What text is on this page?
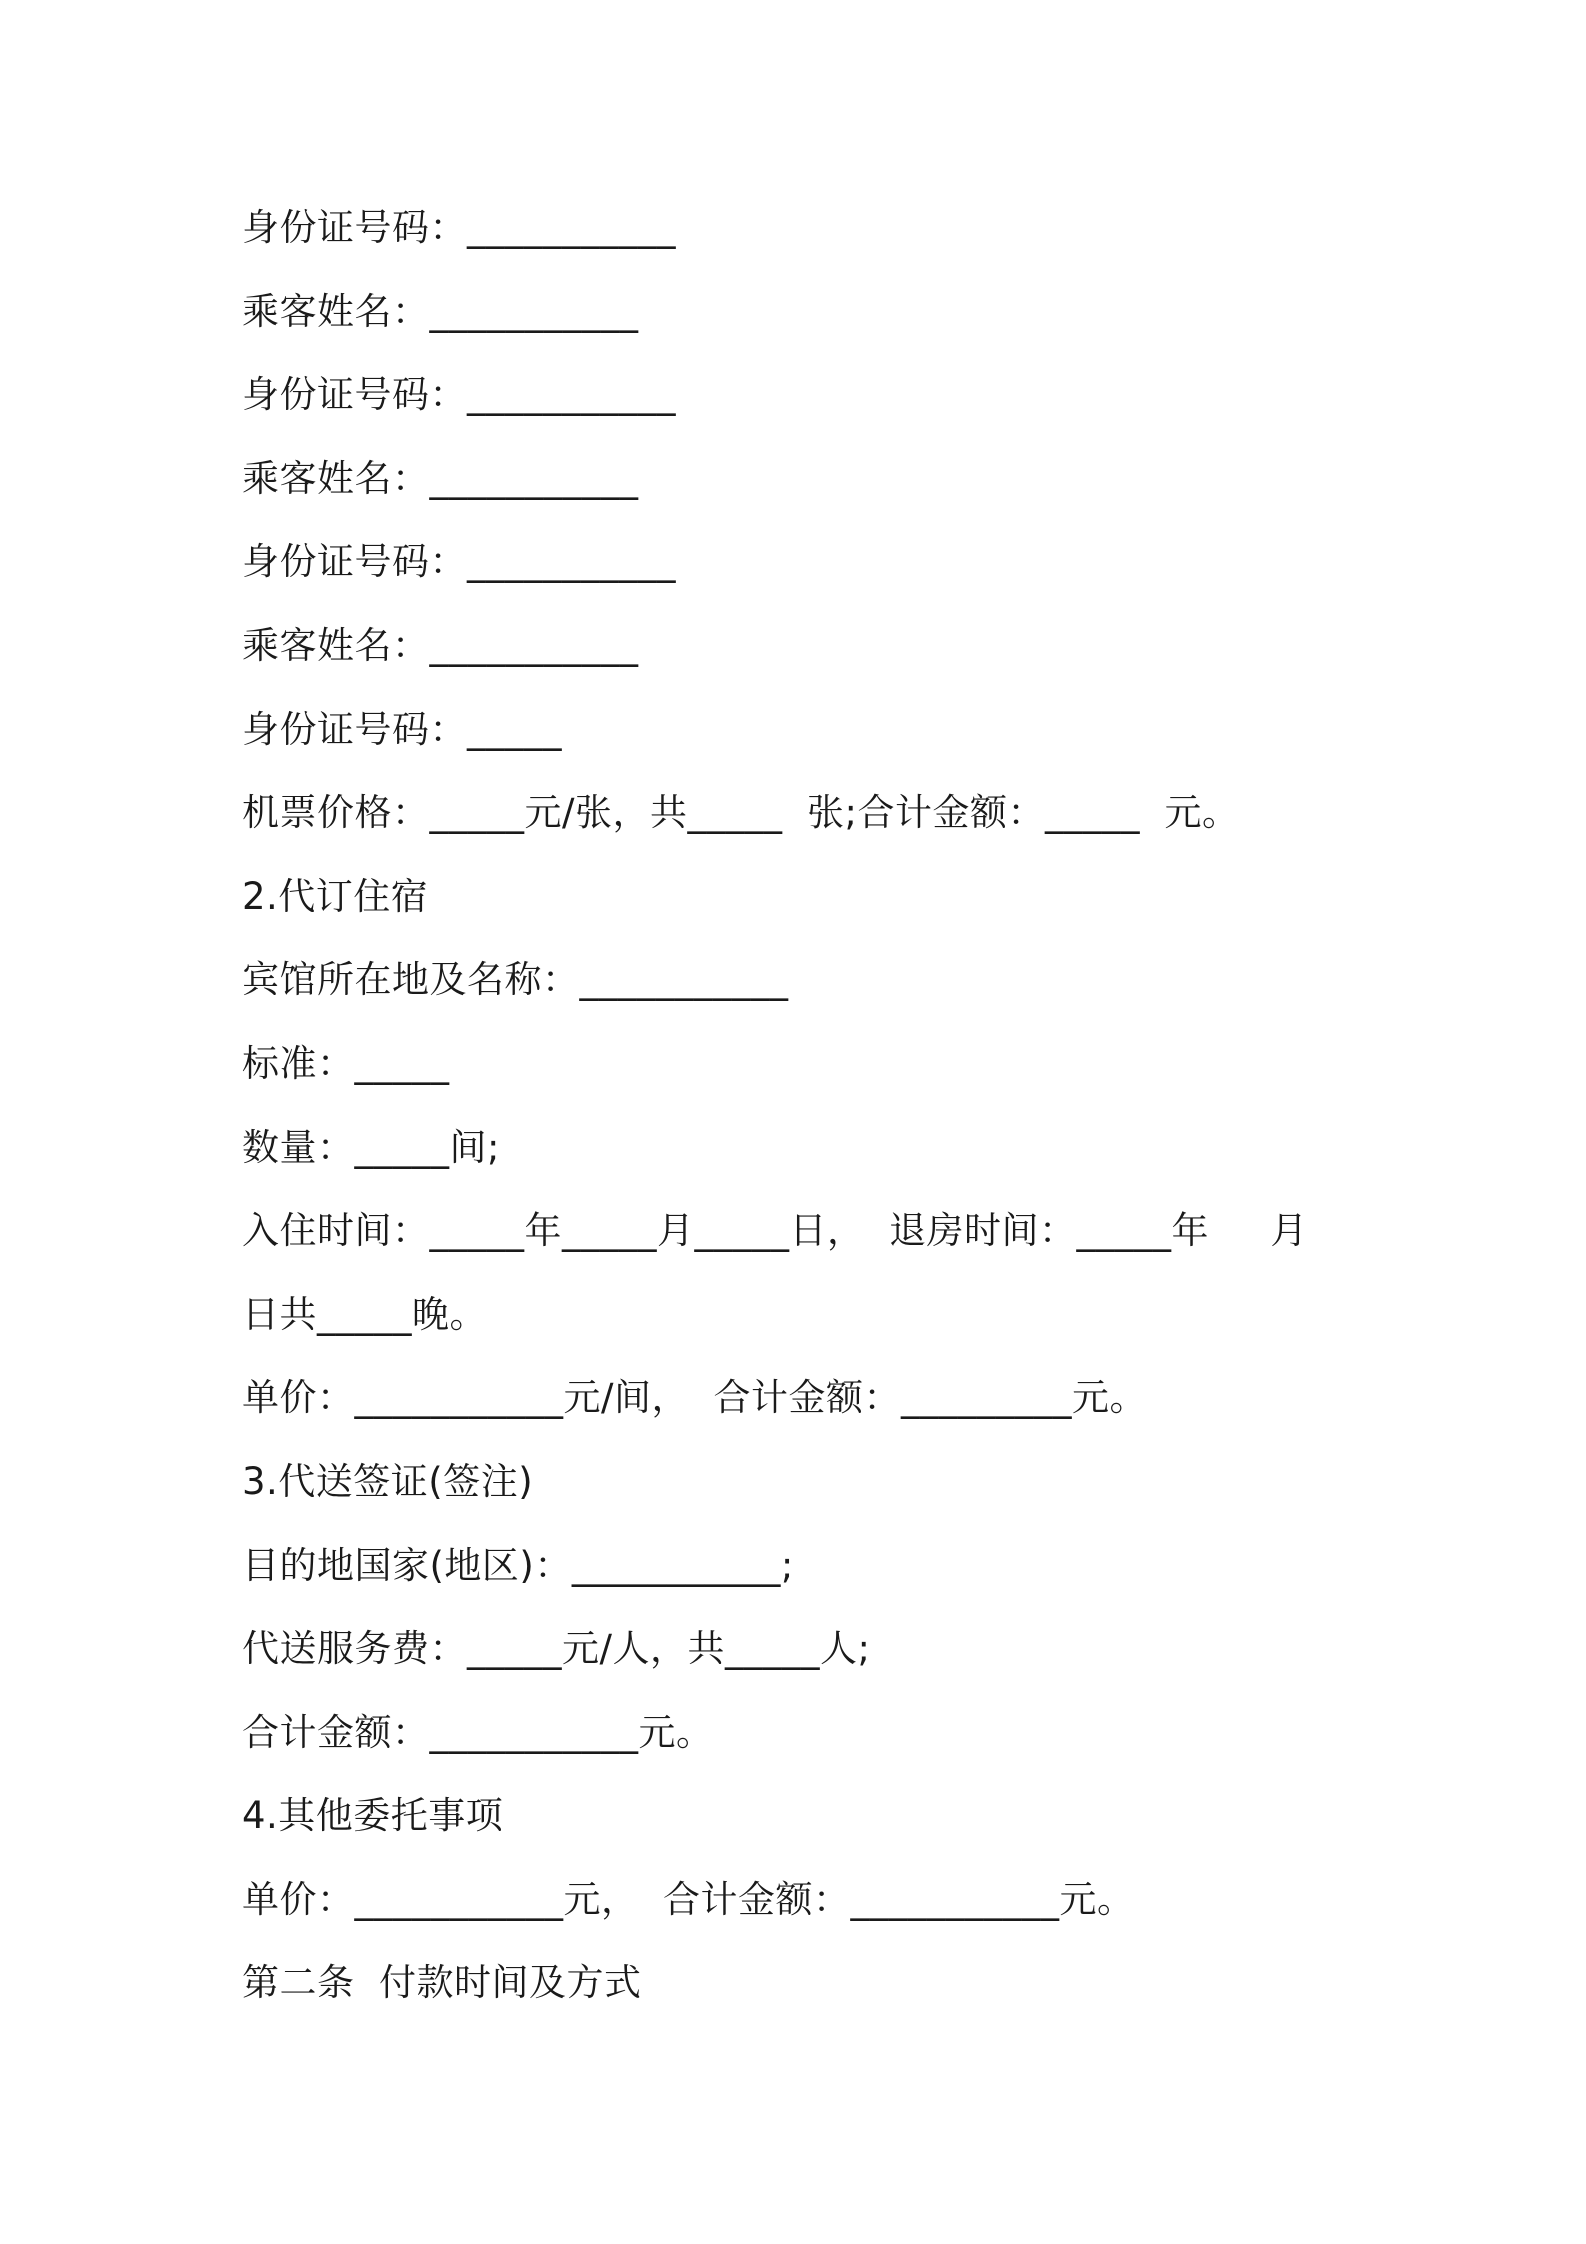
身份证号码：___________
乘客姓名：___________
身份证号码：___________
乘客姓名：___________
身份证号码：___________
乘客姓名：___________
身份证号码：_____
机票价格：_____元/张，共_____  张;合计金额：_____  元。
2.代订住宿
宾馆所在地及名称：___________
标准：_____
数量：_____间;
入住时间：_____年_____月_____日，  退房时间：_____年     月
日共_____晚。
单价：___________元/间，  合计金额：_________元。
3.代送签证(签注)
目的地国家(地区)：___________;
代送服务费：_____元/人，共_____人;
合计金额：___________元。
4.其他委托事项
单价：___________元，  合计金额：___________元。
第二条  付款时间及方式
